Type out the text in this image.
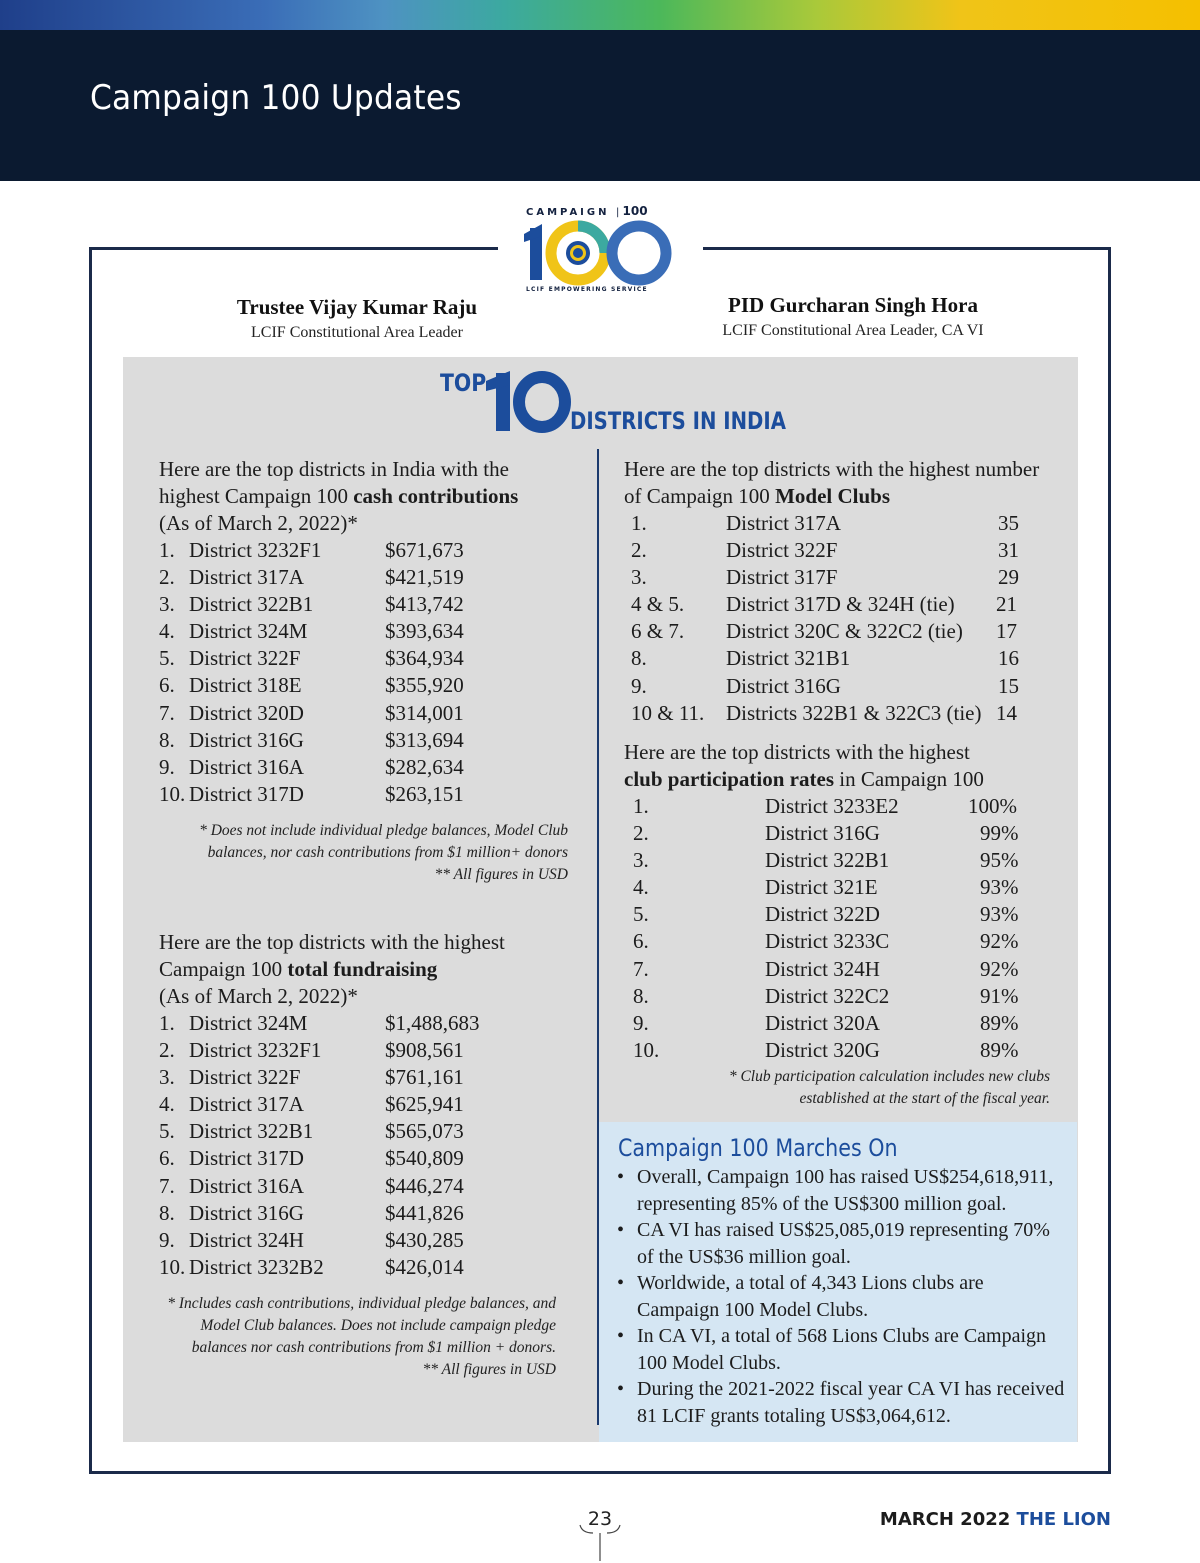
Campaign 100 Updates
CAMPAIGN | 100
LCIF EMPOWERING SERVICE
Trustee Vijay Kumar Raju
LCIF Constitutional Area Leader
PID Gurcharan Singh Hora
LCIF Constitutional Area Leader, CA VI
TOP
DISTRICTS IN INDIA
Here are the top districts in India with the
highest Campaign 100 cash contributions
(As of March 2, 2022)*
1. District 3232F1	$671,673
2. District 317A	$421,519
3. District 322B1	$413,742
4. District 324M	$393,634
5. District 322F	$364,934
6. District 318E	$355,920
7. District 320D	$314,001
8. District 316G	$313,694
9. District 316A	$282,634
10. District 317D	$263,151
* Does not include individual pledge balances, Model Club
balances, nor cash contributions from $1 million+ donors
** All figures in USD
Here are the top districts with the highest
Campaign 100 total fundraising
(As of March 2, 2022)*
1. District 324M	$1,488,683
2. District 3232F1	$908,561
3. District 322F	$761,161
4. District 317A	$625,941
5. District 322B1	$565,073
6. District 317D	$540,809
7. District 316A	$446,274
8. District 316G	$441,826
9. District 324H	$430,285
10. District 3232B2	$426,014
* Includes cash contributions, individual pledge balances, and
Model Club balances. Does not include campaign pledge
balances nor cash contributions from $1 million + donors.
** All figures in USD
Here are the top districts with the highest number
of Campaign 100 Model Clubs
1.	District 317A	35
2.	District 322F	31
3.	District 317F	29
4 & 5. District 317D & 324H (tie) 21
6 & 7. District 320C & 322C2 (tie) 17
8.	District 321B1	16
9.	District 316G	15
10 & 11. Districts 322B1 & 322C3 (tie) 14
Here are the top districts with the highest
club participation rates in Campaign 100
1.	District 3233E2	100%
2.	District 316G	99%
3.	District 322B1	95%
4.	District 321E	93%
5.	District 322D	93%
6.	District 3233C	92%
7.	District 324H	92%
8.	District 322C2	91%
9.	District 320A	89%
10.	District 320G	89%
* Club participation calculation includes new clubs
established at the start of the fiscal year.
Campaign 100 Marches On
• Overall, Campaign 100 has raised US$254,618,911, representing 85% of the US$300 million goal.
• CA VI has raised US$25,085,019 representing 70% of the US$36 million goal.
• Worldwide, a total of 4,343 Lions clubs are Campaign 100 Model Clubs.
• In CA VI, a total of 568 Lions Clubs are Campaign 100 Model Clubs.
• During the 2021-2022 fiscal year CA VI has received 81 LCIF grants totaling US$3,064,612.
23	MARCH 2022 THE LION
